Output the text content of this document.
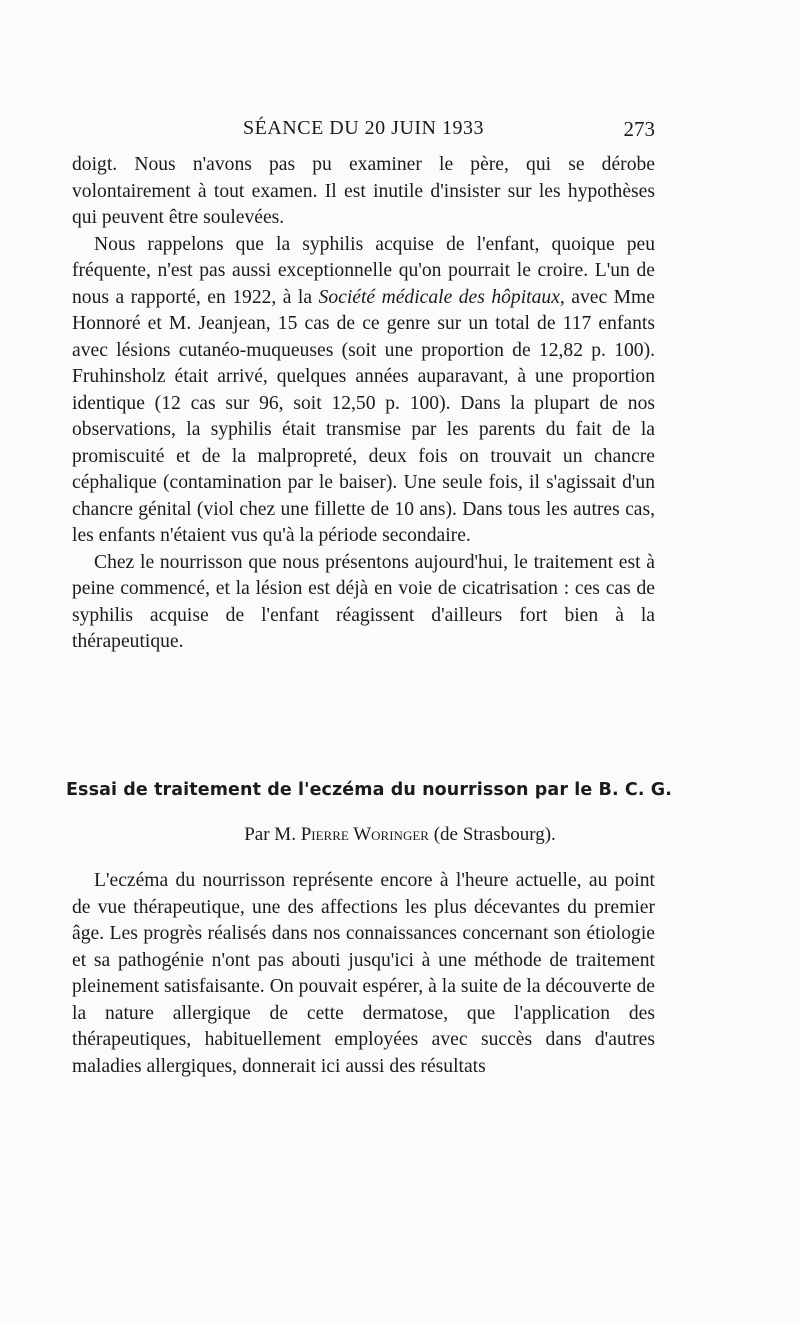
SÉANCE DU 20 JUIN 1933	273

doigt. Nous n'avons pas pu examiner le père, qui se dérobe volontairement à tout examen. Il est inutile d'insister sur les hypothèses qui peuvent être soulevées.

Nous rappelons que la syphilis acquise de l'enfant, quoique peu fréquente, n'est pas aussi exceptionnelle qu'on pourrait le croire. L'un de nous a rapporté, en 1922, à la Société médicale des hôpitaux, avec Mme Honnoré et M. Jeanjean, 15 cas de ce genre sur un total de 117 enfants avec lésions cutanéo-muqueuses (soit une proportion de 12,82 p. 100). Fruhinsholz était arrivé, quelques années auparavant, à une proportion identique (12 cas sur 96, soit 12,50 p. 100). Dans la plupart de nos observations, la syphilis était transmise par les parents du fait de la promiscuité et de la malpropreté, deux fois on trouvait un chancre céphalique (contamination par le baiser). Une seule fois, il s'agissait d'un chancre génital (viol chez une fillette de 10 ans). Dans tous les autres cas, les enfants n'étaient vus qu'à la période secondaire.

Chez le nourrisson que nous présentons aujourd'hui, le traitement est à peine commencé, et la lésion est déjà en voie de cicatrisation : ces cas de syphilis acquise de l'enfant réagissent d'ailleurs fort bien à la thérapeutique.

Essai de traitement de l'eczéma du nourrisson par le B. C. G.
Par M. Pierre Woringer (de Strasbourg).

L'eczéma du nourrisson représente encore à l'heure actuelle, au point de vue thérapeutique, une des affections les plus décevantes du premier âge. Les progrès réalisés dans nos connaissances concernant son étiologie et sa pathogénie n'ont pas abouti jusqu'ici à une méthode de traitement pleinement satisfaisante. On pouvait espérer, à la suite de la découverte de la nature allergique de cette dermatose, que l'application des thérapeutiques, habituellement employées avec succès dans d'autres maladies allergiques, donnerait ici aussi des résultats
